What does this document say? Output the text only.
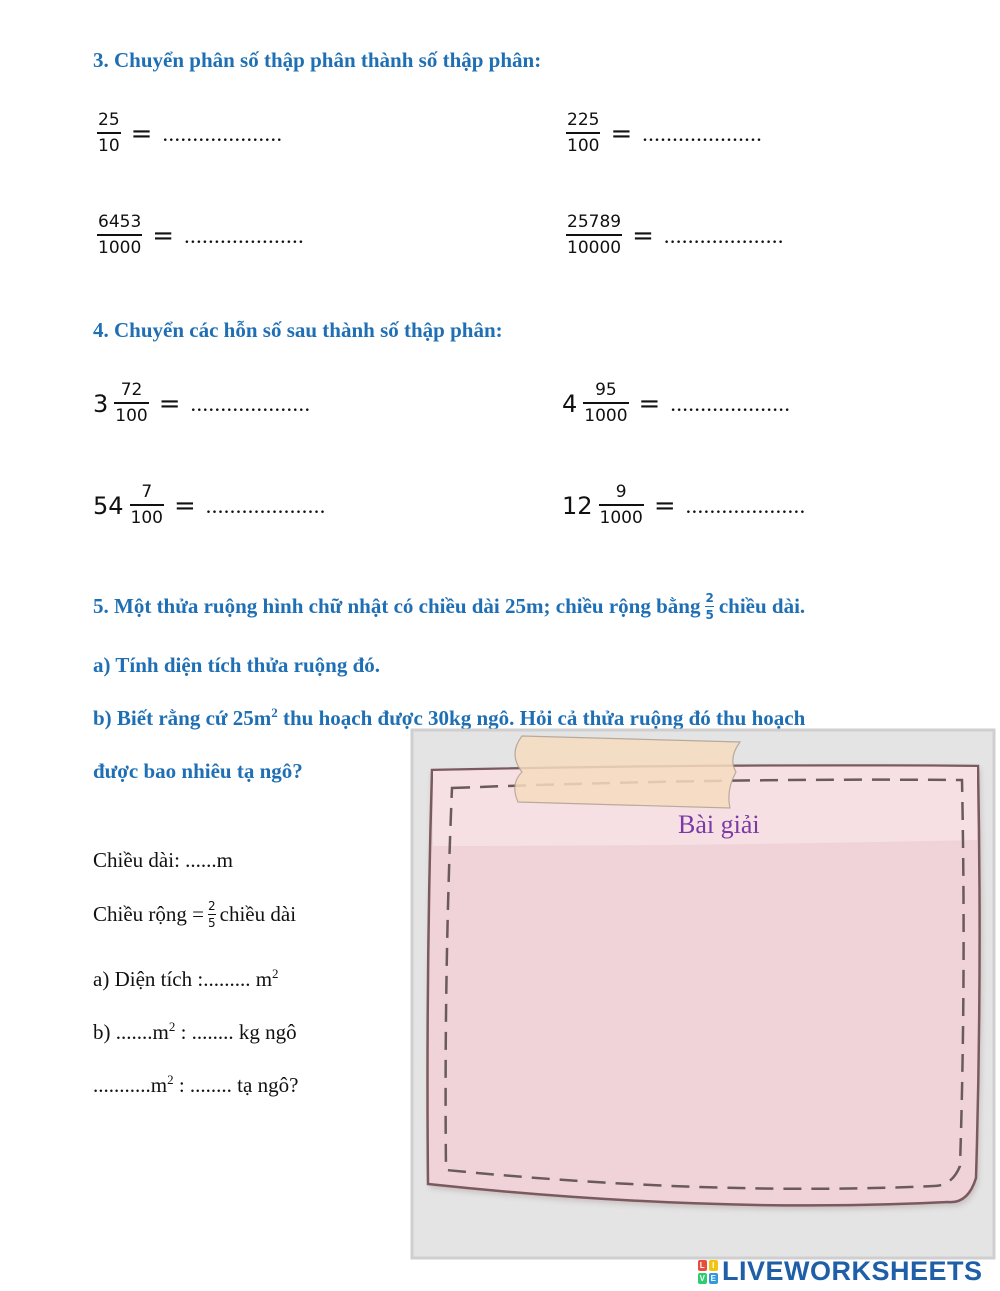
3. Chuyển phân số thập phân thành số thập phân:
$\frac{25}{10}$ = ....................	$\frac{225}{100}$ = ....................
$\frac{6453}{1000}$ = ....................	$\frac{25789}{10000}$ = ....................
4. Chuyển các hỗn số sau thành số thập phân:
$3 \frac{72}{100}$ = ....................	$4 \frac{95}{1000}$ = ....................
$54 \frac{7}{100}$ = ....................	$12 \frac{9}{1000}$ = ....................
5. Một thửa ruộng hình chữ nhật có chiều dài 25m; chiều rộng bằng $\frac{2}{5}$ chiều dài.
a) Tính diện tích thửa ruộng đó.
b) Biết rằng cứ $25m^2$ thu hoạch được 30kg ngô. Hỏi cả thửa ruộng đó thu hoạch
Bài giải
được bao nhiêu tạ ngô?
Chiều dài: ......m
Chiều rộng = $\frac{2}{5}$ chiều dài
a) Diện tích :......... $m^2$
b) $.......m^2$ : ........ kg ngô
$...........m^2$ : ........ tạ ngô?
L I
V E LIVEWORKSHEETS
